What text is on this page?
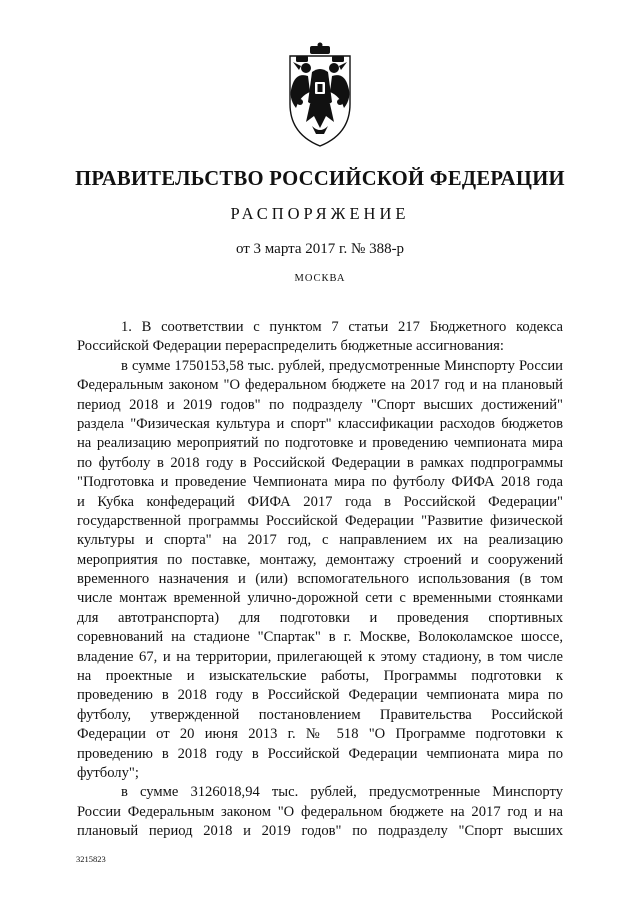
ПРАВИТЕЛЬСТВО РОССИЙСКОЙ ФЕДЕРАЦИИ
РАСПОРЯЖЕНИЕ
от 3 марта 2017 г. № 388-р
МОСКВА
1. В соответствии с пунктом 7 статьи 217 Бюджетного кодекса
Российской Федерации перераспределить бюджетные ассигнования:
в сумме 1750153,58 тыс. рублей, предусмотренные Минспорту России
Федеральным законом "О федеральном бюджете на 2017 год и на плановый
период 2018 и 2019 годов" по подразделу "Спорт высших достижений"
раздела "Физическая культура и спорт" классификации расходов бюджетов
на реализацию мероприятий по подготовке и проведению чемпионата мира
по футболу в 2018 году в Российской Федерации в рамках подпрограммы
"Подготовка и проведение Чемпионата мира по футболу ФИФА 2018 года
и Кубка конфедераций ФИФА 2017 года в Российской Федерации"
государственной программы Российской Федерации "Развитие физической
культуры и спорта" на 2017 год, с направлением их на реализацию
мероприятия по поставке, монтажу, демонтажу строений и сооружений
временного назначения и (или) вспомогательного использования (в том
числе монтаж временной улично-дорожной сети с временными стоянками
для автотранспорта) для подготовки и проведения спортивных
соревнований на стадионе "Спартак" в г. Москве, Волоколамское шоссе,
владение 67, и на территории, прилегающей к этому стадиону, в том числе
на проектные и изыскательские работы, Программы подготовки к
проведению в 2018 году в Российской Федерации чемпионата мира по
футболу, утвержденной постановлением Правительства Российской
Федерации от 20 июня 2013 г. № 518 "О Программе подготовки к
проведению в 2018 году в Российской Федерации чемпионата мира по
футболу";
в сумме 3126018,94 тыс. рублей, предусмотренные Минспорту
России Федеральным законом "О федеральном бюджете на 2017 год и на
плановый период 2018 и 2019 годов" по подразделу "Спорт высших
3215823
